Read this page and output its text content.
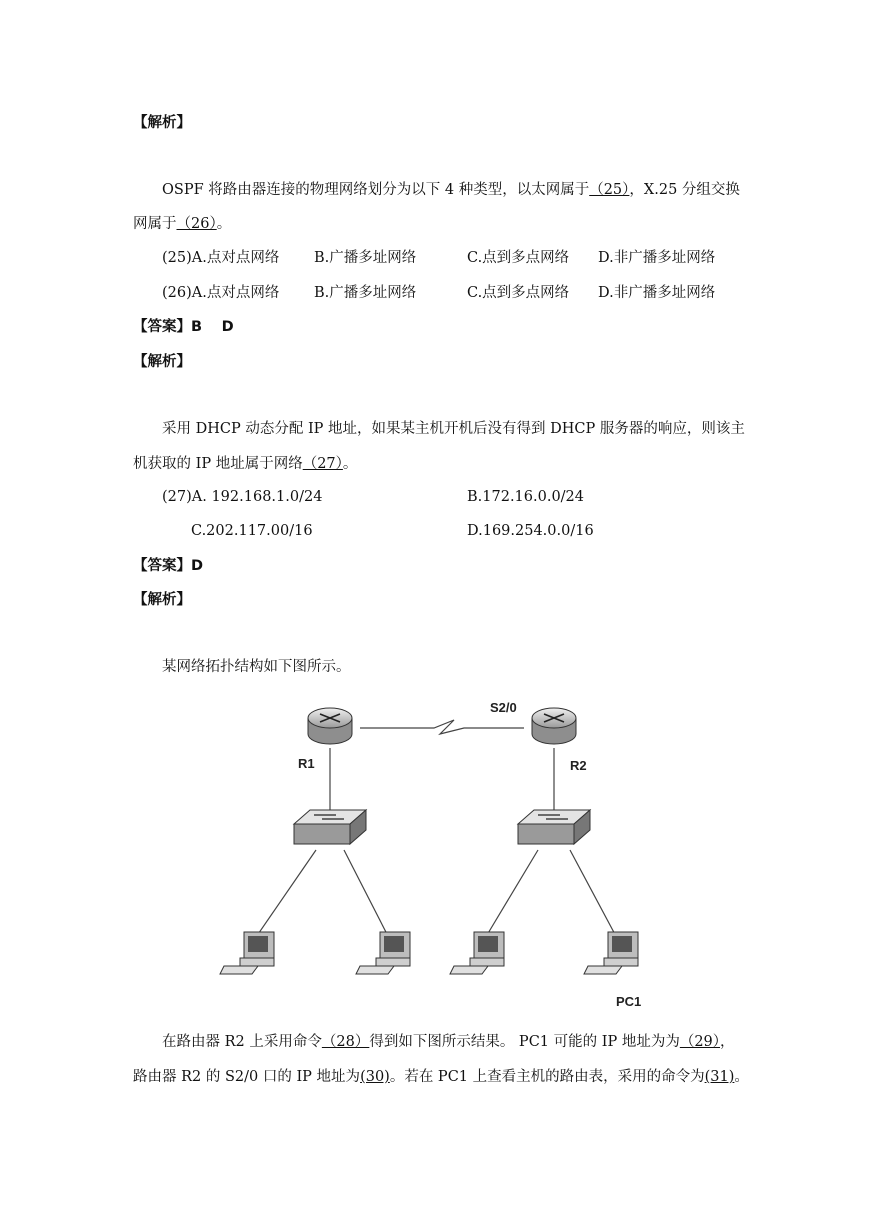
【解析】
OSPF 将路由器连接的物理网络划分为以下 4 种类型，以太网属于（25），X.25 分组交换
网属于（26）。
(25)A.点对点网络 B.广播多址网络	C.点到多点网络 D.非广播多址网络
(26)A.点对点网络 B.广播多址网络	C.点到多点网络 D.非广播多址网络
【答案】B　 D
【解析】
采用 DHCP 动态分配 IP 地址，如果某主机开机后没有得到 DHCP 服务器的响应，则该主
机获取的 IP 地址属于网络（27）。
(27)A. 192.168.1.0/24	B.172.16.0.0/24
C.202.117.00/16	D.169.254.0.0/16
【答案】D
【解析】
某网络拓扑结构如下图所示。
R1	R2
S2/0
PC1
在路由器 R2 上采用命令（28）得到如下图所示结果。 PC1 可能的 IP 地址为为（29），
路由器 R2 的 S2/0 口的 IP 地址为(30)。若在 PC1 上查看主机的路由表，采用的命令为(31)。
